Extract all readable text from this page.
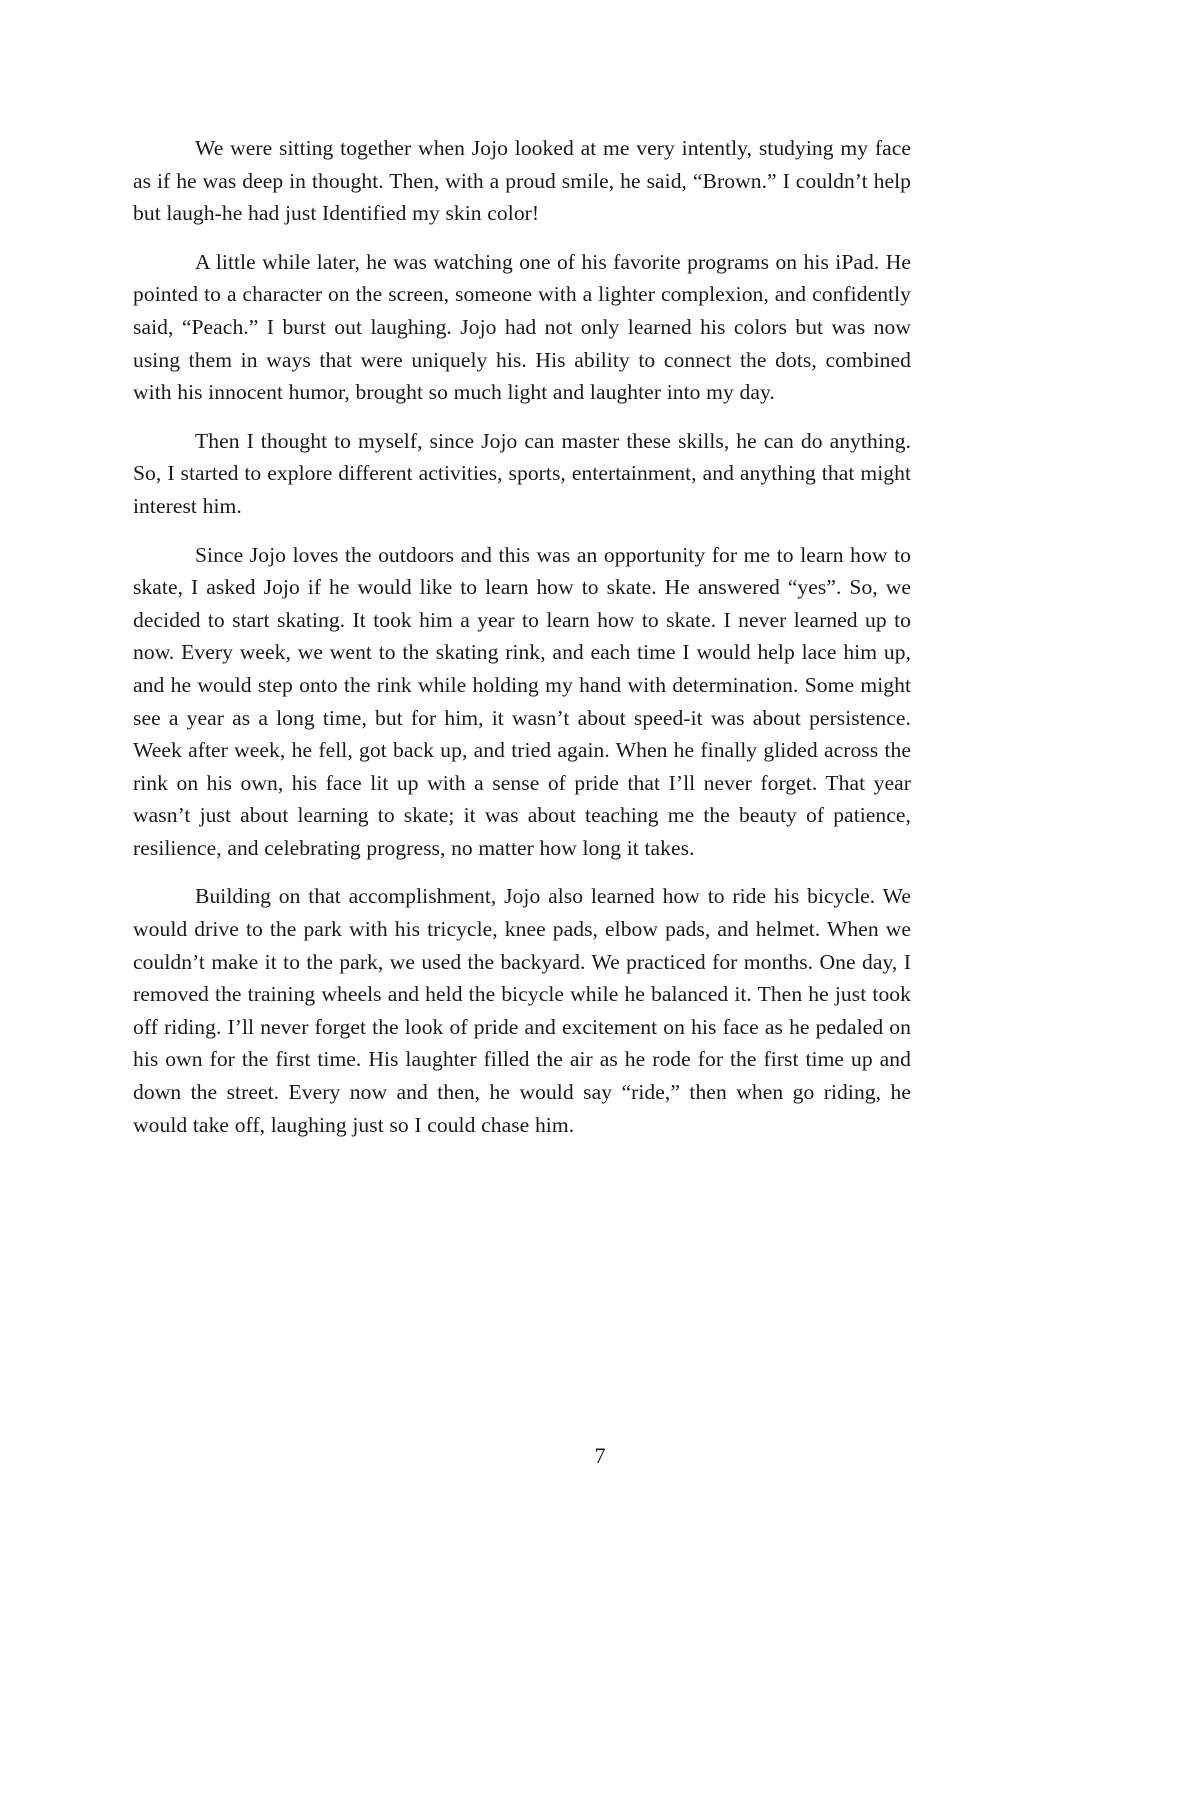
We were sitting together when Jojo looked at me very intently, studying my face as if he was deep in thought. Then, with a proud smile, he said, “Brown.” I couldn’t help but laugh-he had just Identified my skin color!

A little while later, he was watching one of his favorite programs on his iPad. He pointed to a character on the screen, someone with a lighter complexion, and confidently said, “Peach.” I burst out laughing. Jojo had not only learned his colors but was now using them in ways that were uniquely his. His ability to connect the dots, combined with his innocent humor, brought so much light and laughter into my day.

Then I thought to myself, since Jojo can master these skills, he can do anything. So, I started to explore different activities, sports, entertainment, and anything that might interest him.

Since Jojo loves the outdoors and this was an opportunity for me to learn how to skate, I asked Jojo if he would like to learn how to skate. He answered “yes”. So, we decided to start skating. It took him a year to learn how to skate. I never learned up to now. Every week, we went to the skating rink, and each time I would help lace him up, and he would step onto the rink while holding my hand with determination. Some might see a year as a long time, but for him, it wasn’t about speed-it was about persistence. Week after week, he fell, got back up, and tried again. When he finally glided across the rink on his own, his face lit up with a sense of pride that I’ll never forget. That year wasn’t just about learning to skate; it was about teaching me the beauty of patience, resilience, and celebrating progress, no matter how long it takes.

Building on that accomplishment, Jojo also learned how to ride his bicycle. We would drive to the park with his tricycle, knee pads, elbow pads, and helmet. When we couldn’t make it to the park, we used the backyard. We practiced for months. One day, I removed the training wheels and held the bicycle while he balanced it. Then he just took off riding. I’ll never forget the look of pride and excitement on his face as he pedaled on his own for the first time. His laughter filled the air as he rode for the first time up and down the street. Every now and then, he would say “ride,” then when go riding, he would take off, laughing just so I could chase him.

7
